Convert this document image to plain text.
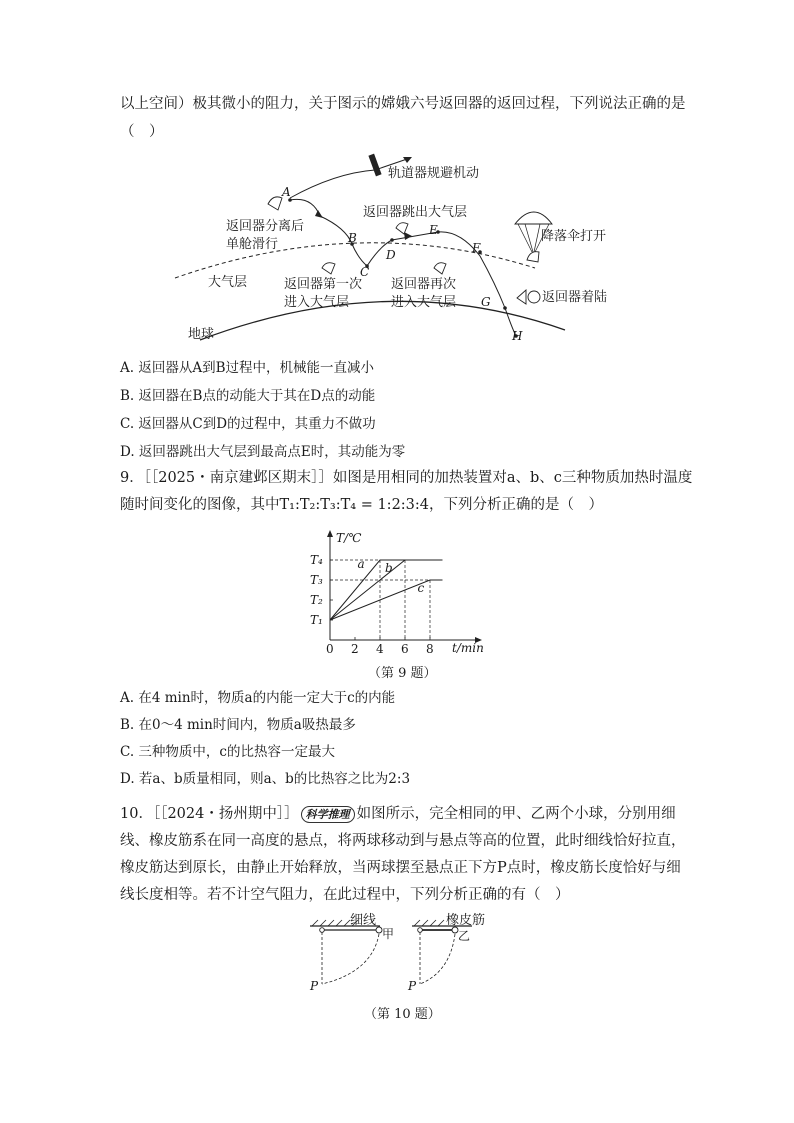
以上空间）极其微小的阻力，关于图示的嫦娥六号返回器的返回过程，下列说法正确的是
（　）
A
B
C
D
E
F
G
H
轨道器规避机动
返回器分离后
单舱滑行
返回器跳出大气层
降落伞打开
大气层	返回器第一次
进入大气层
返回器再次
进入大气层	返回器着陆
地球
A. 返回器从A到B过程中，机械能一直减小
B. 返回器在B点的动能大于其在D点的动能
C. 返回器从C到D的过程中，其重力不做功
D. 返回器跳出大气层到最高点E时，其动能为零
9．［［2025・南京建邺区期末］］如图是用相同的加热装置对a、b、c三种物质加热时温度
随时间变化的图像，其中T₁:T₂:T₃:T₄ = 1:2:3:4，下列分析正确的是（　）
T/℃
t/min
0 2 4 6 8
T₁
T₂
T₃
T₄	a b
c
（第 9 题）
A. 在4 min时，物质a的内能一定大于c的内能
B. 在0～4 min时间内，物质a吸热最多
C. 三种物质中，c的比热容一定最大
D. 若a、b质量相同，则a、b的比热容之比为2:3
10．［［2024・扬州期中］］ 科学推理 如图所示，完全相同的甲、乙两个小球，分别用细
线、橡皮筋系在同一高度的悬点，将两球移动到与悬点等高的位置，此时细线恰好拉直，
橡皮筋达到原长，由静止开始释放，当两球摆至悬点正下方P点时，橡皮筋长度恰好与细
线长度相等。若不计空气阻力，在此过程中，下列分析正确的有（　）
细线
甲
P
橡皮筋
乙
P
（第 10 题）
